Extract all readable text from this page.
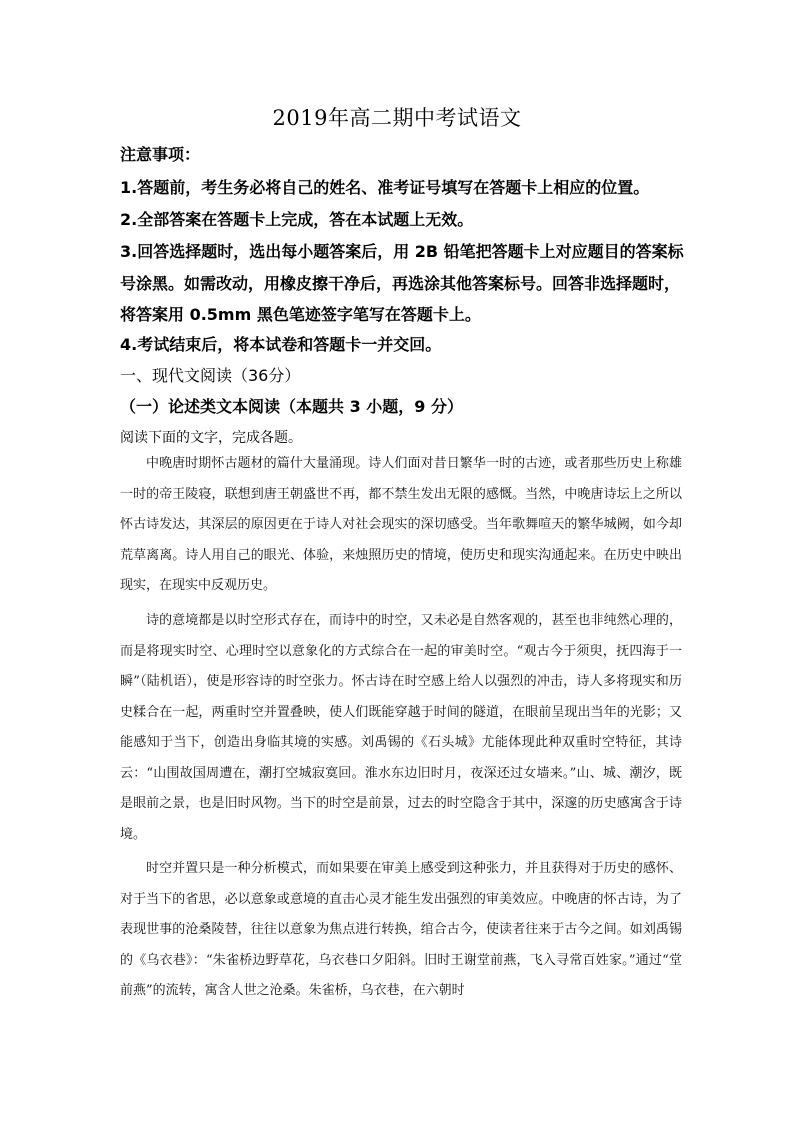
2019年高二期中考试语文
注意事项：
1.答题前，考生务必将自己的姓名、准考证号填写在答题卡上相应的位置。
2.全部答案在答题卡上完成，答在本试题上无效。
3.回答选择题时，选出每小题答案后，用 2B 铅笔把答题卡上对应题目的答案标
号涂黑。如需改动，用橡皮擦干净后，再选涂其他答案标号。回答非选择题时，
将答案用 0.5mm 黑色笔迹签字笔写在答题卡上。
4.考试结束后，将本试卷和答题卡一并交回。
一、现代文阅读（36分）
（一）论述类文本阅读（本题共 3 小题，9 分）
阅读下面的文字，完成各题。

中晚唐时期怀古题材的篇什大量涌现。诗人们面对昔日繁华一时的古迹，或者那些历史上称雄一时的帝王陵寝，联想到唐王朝盛世不再，都不禁生发出无限的感慨。当然，中晚唐诗坛上之所以怀古诗发达，其深层的原因更在于诗人对社会现实的深切感受。当年歌舞喧天的繁华城阙，如今却荒草离离。诗人用自己的眼光、体验，来烛照历史的情境，使历史和现实沟通起来。在历史中映出现实，在现实中反观历史。

诗的意境都是以时空形式存在，而诗中的时空，又未必是自然客观的，甚至也非纯然心理的，而是将现实时空、心理时空以意象化的方式综合在一起的审美时空。“观古今于须臾，抚四海于一瞬”（陆机语），使是形容诗的时空张力。怀古诗在时空感上给人以强烈的冲击，诗人多将现实和历史糅合在一起，两重时空并置叠映，使人们既能穿越于时间的隧道，在眼前呈现出当年的光影；又能感知于当下，创造出身临其境的实感。刘禹锡的《石头城》尤能体现此种双重时空特征，其诗云：“山围故国周遭在，潮打空城寂寞回。淮水东边旧时月，夜深还过女墙来。”山、城、潮汐，既是眼前之景，也是旧时风物。当下的时空是前景，过去的时空隐含于其中，深邃的历史感寓含于诗境。

时空并置只是一种分析模式，而如果要在审美上感受到这种张力，并且获得对于历史的感怀、对于当下的省思，必以意象或意境的直击心灵才能生发出强烈的审美效应。中晚唐的怀古诗，为了表现世事的沧桑陵替，往往以意象为焦点进行转换，绾合古今，使读者往来于古今之间。如刘禹锡的《乌衣巷》：“朱雀桥边野草花，乌衣巷口夕阳斜。旧时王谢堂前燕，飞入寻常百姓家。”通过“堂前燕”的流转，寓含人世之沧桑。朱雀桥，乌衣巷，在六朝时
